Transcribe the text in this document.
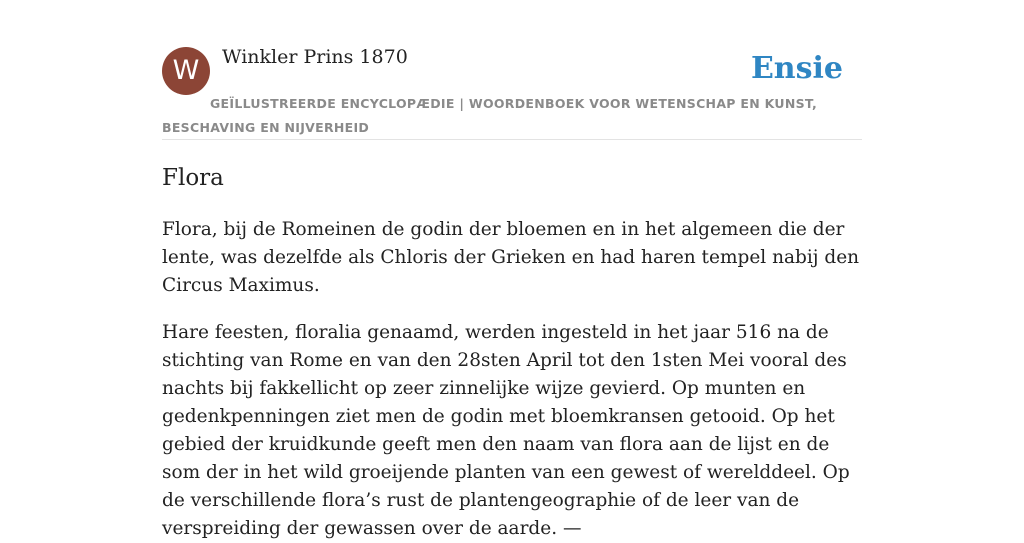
W	Winkler Prins 1870	Ensie
GEÏLLUSTREERDE ENCYCLOPÆDIE | WOORDENBOEK VOOR WETENSCHAP EN KUNST, BESCHAVING EN NIJVERHEID
Flora

Flora, bij de Romeinen de godin der bloemen en in het algemeen die der lente, was dezelfde als Chloris der Grieken en had haren tempel nabij den Circus Maximus.

Hare feesten, floralia genaamd, werden ingesteld in het jaar 516 na de stichting van Rome en van den 28sten April tot den 1sten Mei vooral des nachts bij fakkellicht op zeer zinnelijke wijze gevierd. Op munten en gedenkpenningen ziet men de godin met bloemkransen getooid. Op het gebied der kruidkunde geeft men den naam van flora aan de lijst en de som der in het wild groeijende planten van een gewest of werelddeel. Op de verschillende flora’s rust de plantengeographie of de leer van de verspreiding der gewassen over de aarde. —
